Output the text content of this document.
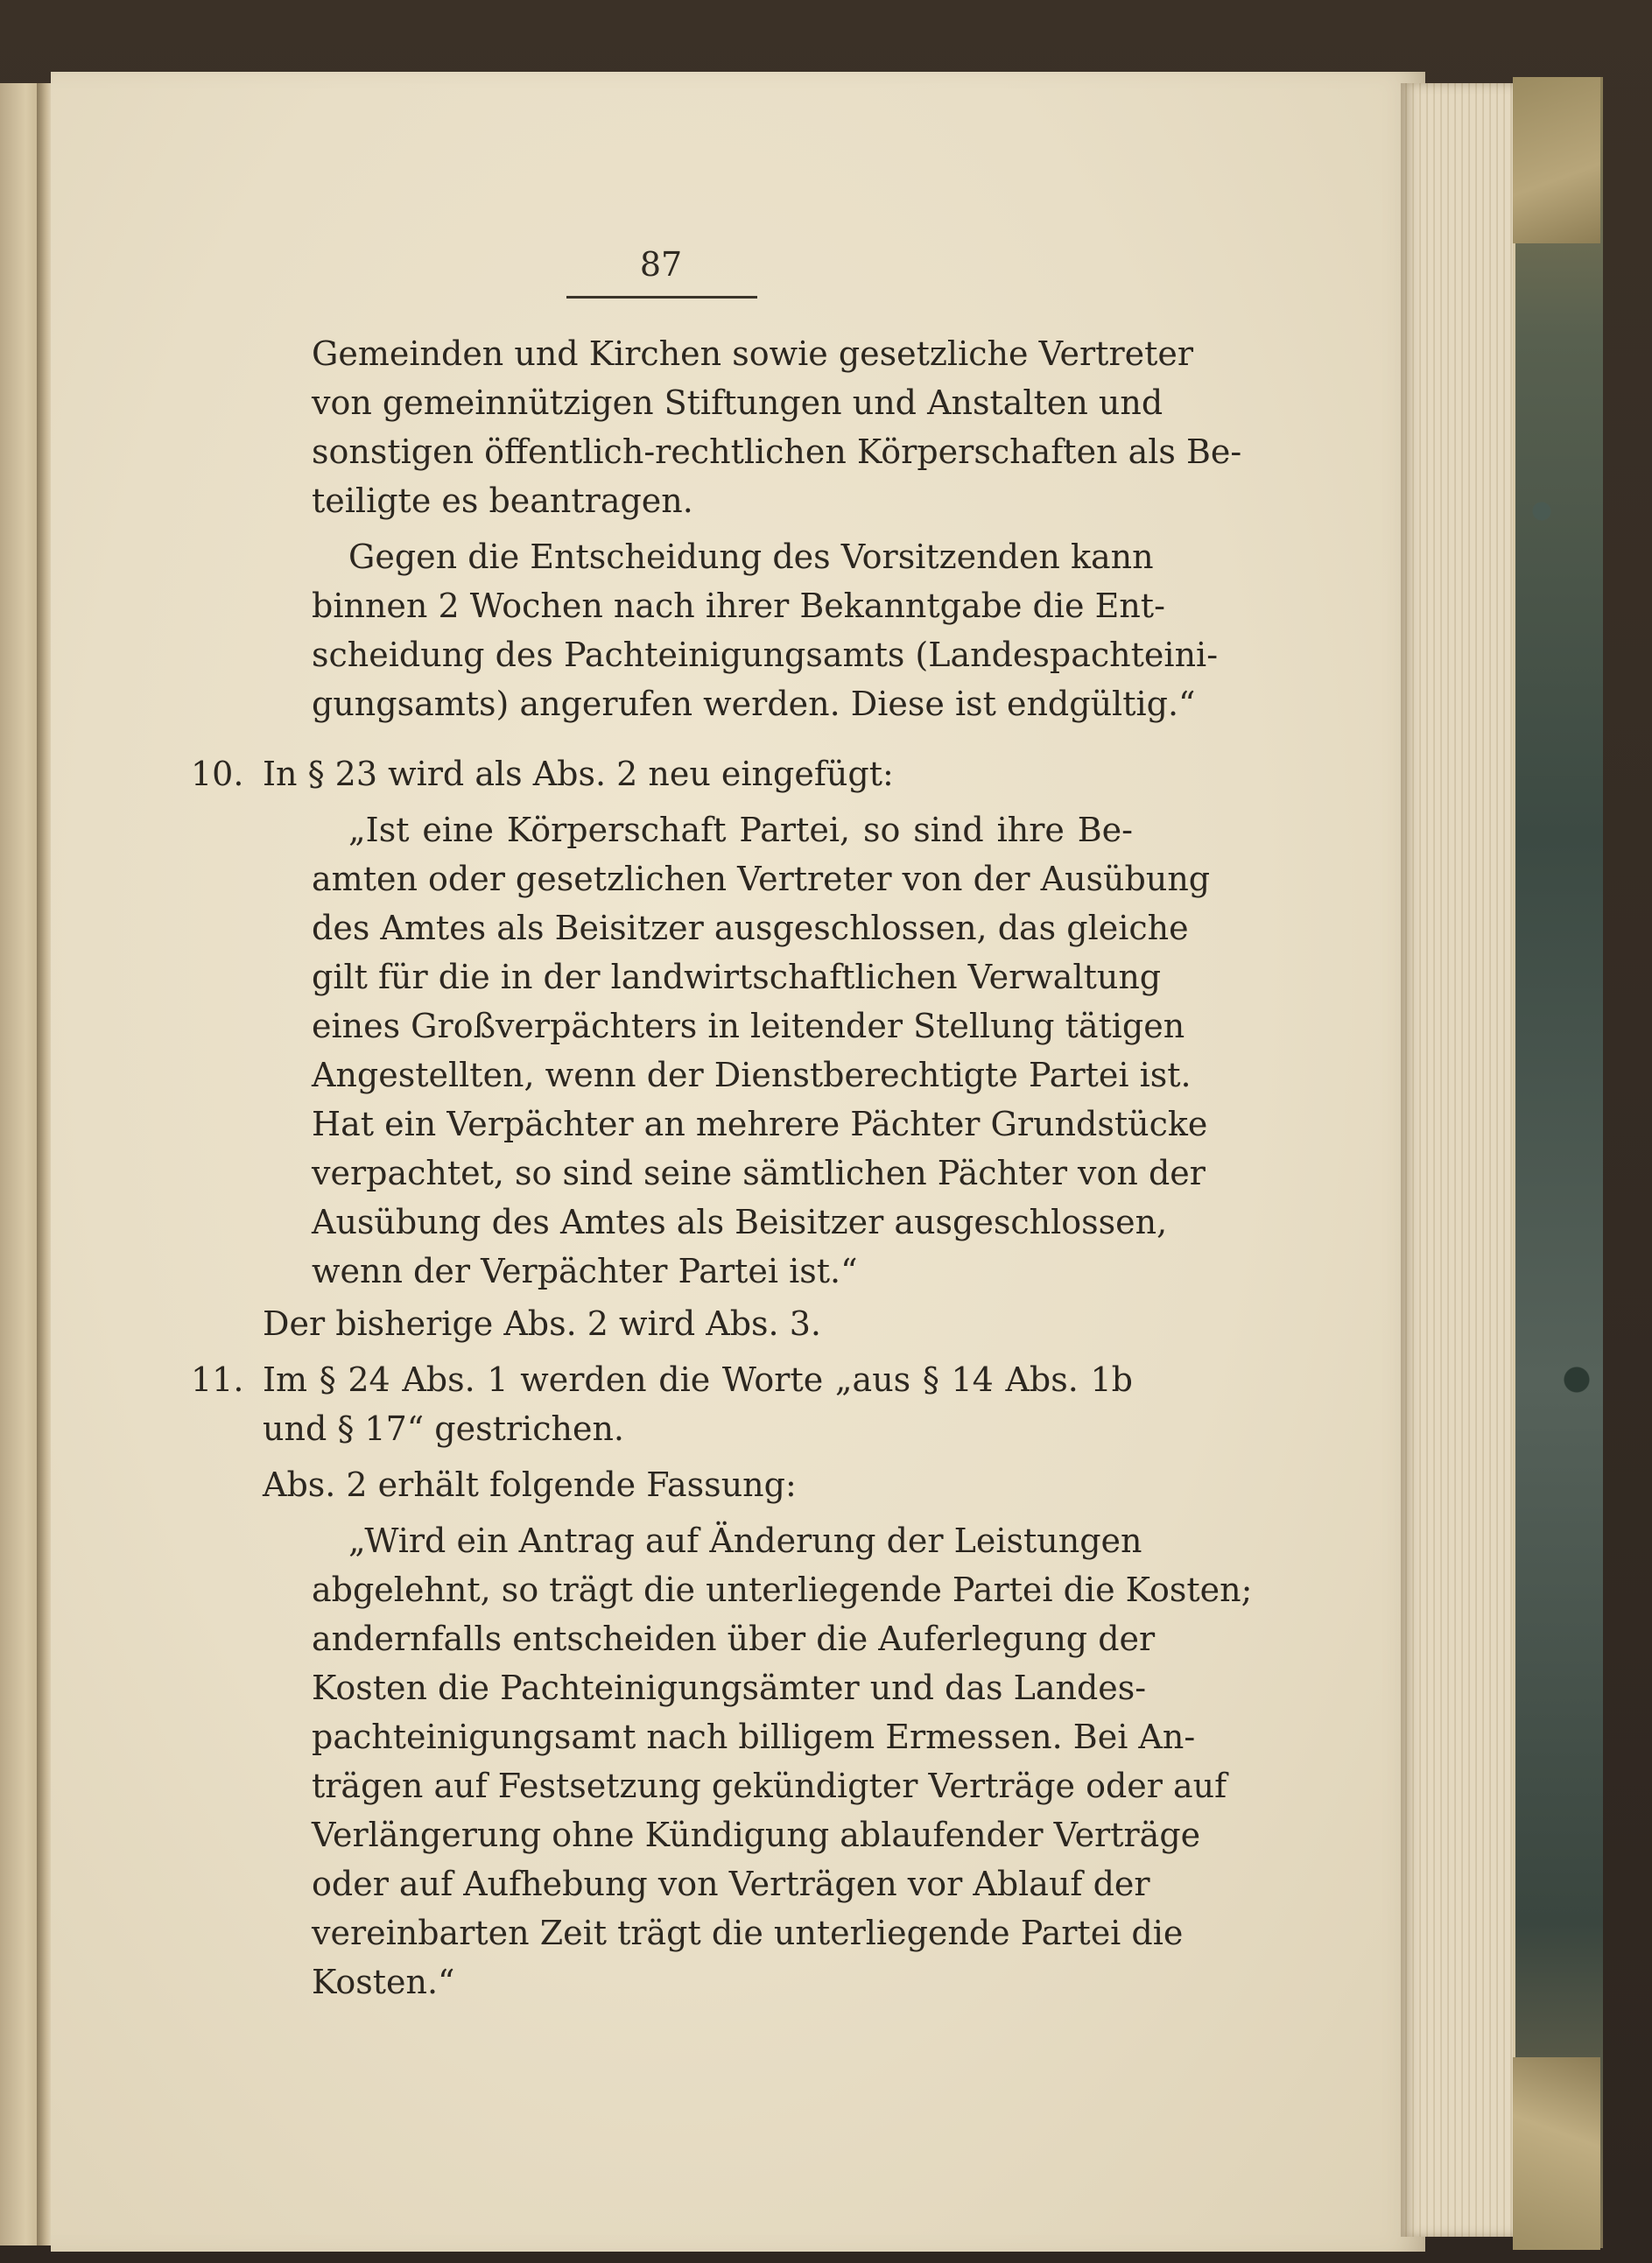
87
Gemeinden und Kirchen sowie gesetzliche Vertreter
von gemeinnützigen Stiftungen und Anstalten und
sonstigen öffentlich-rechtlichen Körperschaften als Be-
teiligte es beantragen.
Gegen die Entscheidung des Vorsitzenden kann
binnen 2 Wochen nach ihrer Bekanntgabe die Ent-
scheidung des Pachteinigungsamts (Landespachteini-
gungsamts) angerufen werden. Diese ist endgültig.“
10. In § 23 wird als Abs. 2 neu eingefügt:
„Ist eine Körperschaft Partei, so sind ihre Be-
amten oder gesetzlichen Vertreter von der Ausübung
des Amtes als Beisitzer ausgeschlossen, das gleiche
gilt für die in der landwirtschaftlichen Verwaltung
eines Großverpächters in leitender Stellung tätigen
Angestellten, wenn der Dienstberechtigte Partei ist.
Hat ein Verpächter an mehrere Pächter Grundstücke
verpachtet, so sind seine sämtlichen Pächter von der
Ausübung des Amtes als Beisitzer ausgeschlossen,
wenn der Verpächter Partei ist.“
Der bisherige Abs. 2 wird Abs. 3.
11. Im § 24 Abs. 1 werden die Worte „aus § 14 Abs. 1b
und § 17“ gestrichen.
Abs. 2 erhält folgende Fassung:
„Wird ein Antrag auf Änderung der Leistungen
abgelehnt, so trägt die unterliegende Partei die Kosten;
andernfalls entscheiden über die Auferlegung der
Kosten die Pachteinigungsämter und das Landes-
pachteinigungsamt nach billigem Ermessen. Bei An-
trägen auf Festsetzung gekündigter Verträge oder auf
Verlängerung ohne Kündigung ablaufender Verträge
oder auf Aufhebung von Verträgen vor Ablauf der
vereinbarten Zeit trägt die unterliegende Partei die
Kosten.“
